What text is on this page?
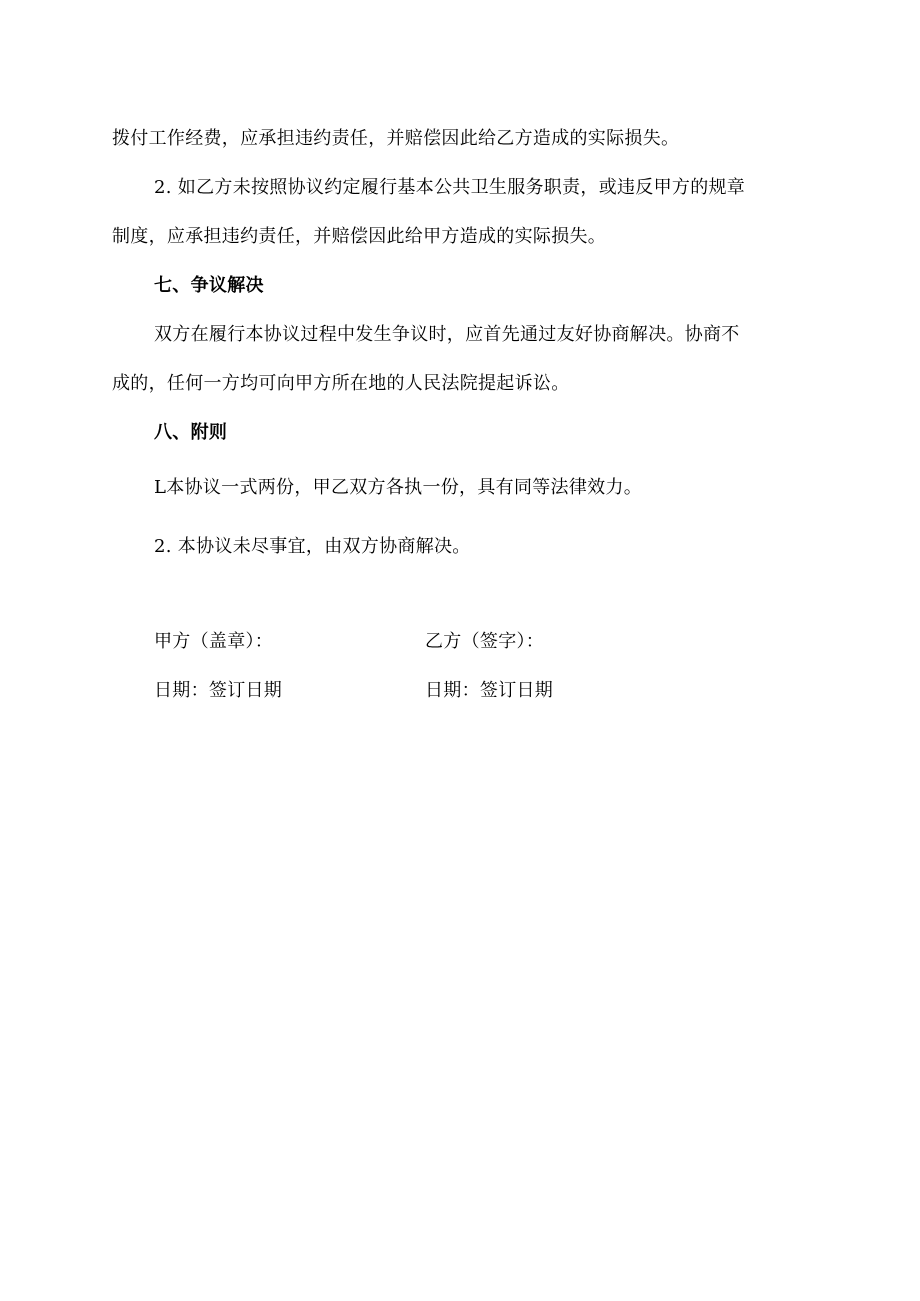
拨付工作经费，应承担违约责任，并赔偿因此给乙方造成的实际损失。
2. 如乙方未按照协议约定履行基本公共卫生服务职责，或违反甲方的规章
制度，应承担违约责任，并赔偿因此给甲方造成的实际损失。
七、争议解决
双方在履行本协议过程中发生争议时，应首先通过友好协商解决。协商不
成的，任何一方均可向甲方所在地的人民法院提起诉讼。
八、附则
L本协议一式两份，甲乙双方各执一份，具有同等法律效力。
2. 本协议未尽事宜，由双方协商解决。
甲方（盖章）：	乙方（签字）：
日期：签订日期	日期：签订日期
